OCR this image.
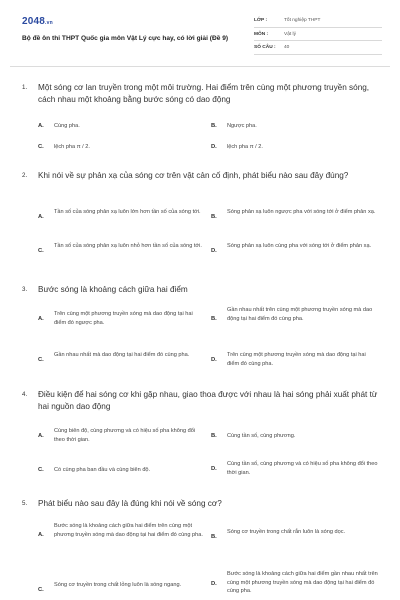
2048.vn
Bộ đề ôn thi THPT Quốc gia môn Vật Lý cực hay, có lời giải (Đề 9)
LỚP :	Tốt nghiệp THPT
MÔN :	Vật lý
SỐ CÂU : 40
1. Một sóng cơ lan truyền trong một môi trường. Hai điểm trên cùng một phương truyền sóng, cách nhau một khoảng bằng bước sóng có dao động
A. Cùng pha.	B. Ngược pha.
C. lệch pha π / 2.	D. lệch pha π / 2.
2. Khi nói về sự phản xạ của sóng cơ trên vật cản cố định, phát biểu nào sau đây đúng?
A.
Tần số của sóng phản xạ luôn lớn hơn tần số của sóng tới.
B.
Sóng phản xạ luôn ngược pha với sóng tới ở điểm phản xạ.
C.
Tần số của sóng phản xạ luôn nhỏ hơn tần số của sóng tới.
D.
Sóng phản xạ luôn cùng pha với sóng tới ở điểm phản xạ.
3. Bước sóng là khoảng cách giữa hai điểm
A.
Trên cùng một phương truyền sóng mà dao động tại hai điểm đó ngược pha.
B.
Gần nhau nhất trên cùng một phương truyền sóng mà dao động tại hai điểm đó cùng pha.
C.
Gần nhau nhất mà dao động tại hai điểm đó cùng pha.
D.
Trên cùng một phương truyền sóng mà dao động tại hai điểm đó cùng pha.
4. Điều kiện để hai sóng cơ khi gặp nhau, giao thoa được với nhau là hai sóng phải xuất phát từ hai nguồn dao động
A.
Cùng biên độ, cùng phương và có hiệu số pha không đổi theo thời gian.
B. Cùng tần số, cùng phương.
C. Có cùng pha ban đầu và cùng biên độ.	D.
Cùng tần số, cùng phương và có hiệu số pha không đổi theo thời gian.
5. Phát biểu nào sau đây là đúng khi nói về sóng cơ?
A.
Bước sóng là khoảng cách giữa hai điểm trên cùng một phương truyền sóng mà dao động tại hai điểm đó cùng pha.	B.
Sóng cơ truyền trong chất rắn luôn là sóng dọc.
C.
Sóng cơ truyền trong chất lỏng luôn là sóng ngang.	D.
Bước sóng là khoảng cách giữa hai điểm gần nhau nhất trên cùng một phương truyền sóng mà dao động tại hai điểm đó cùng pha.
